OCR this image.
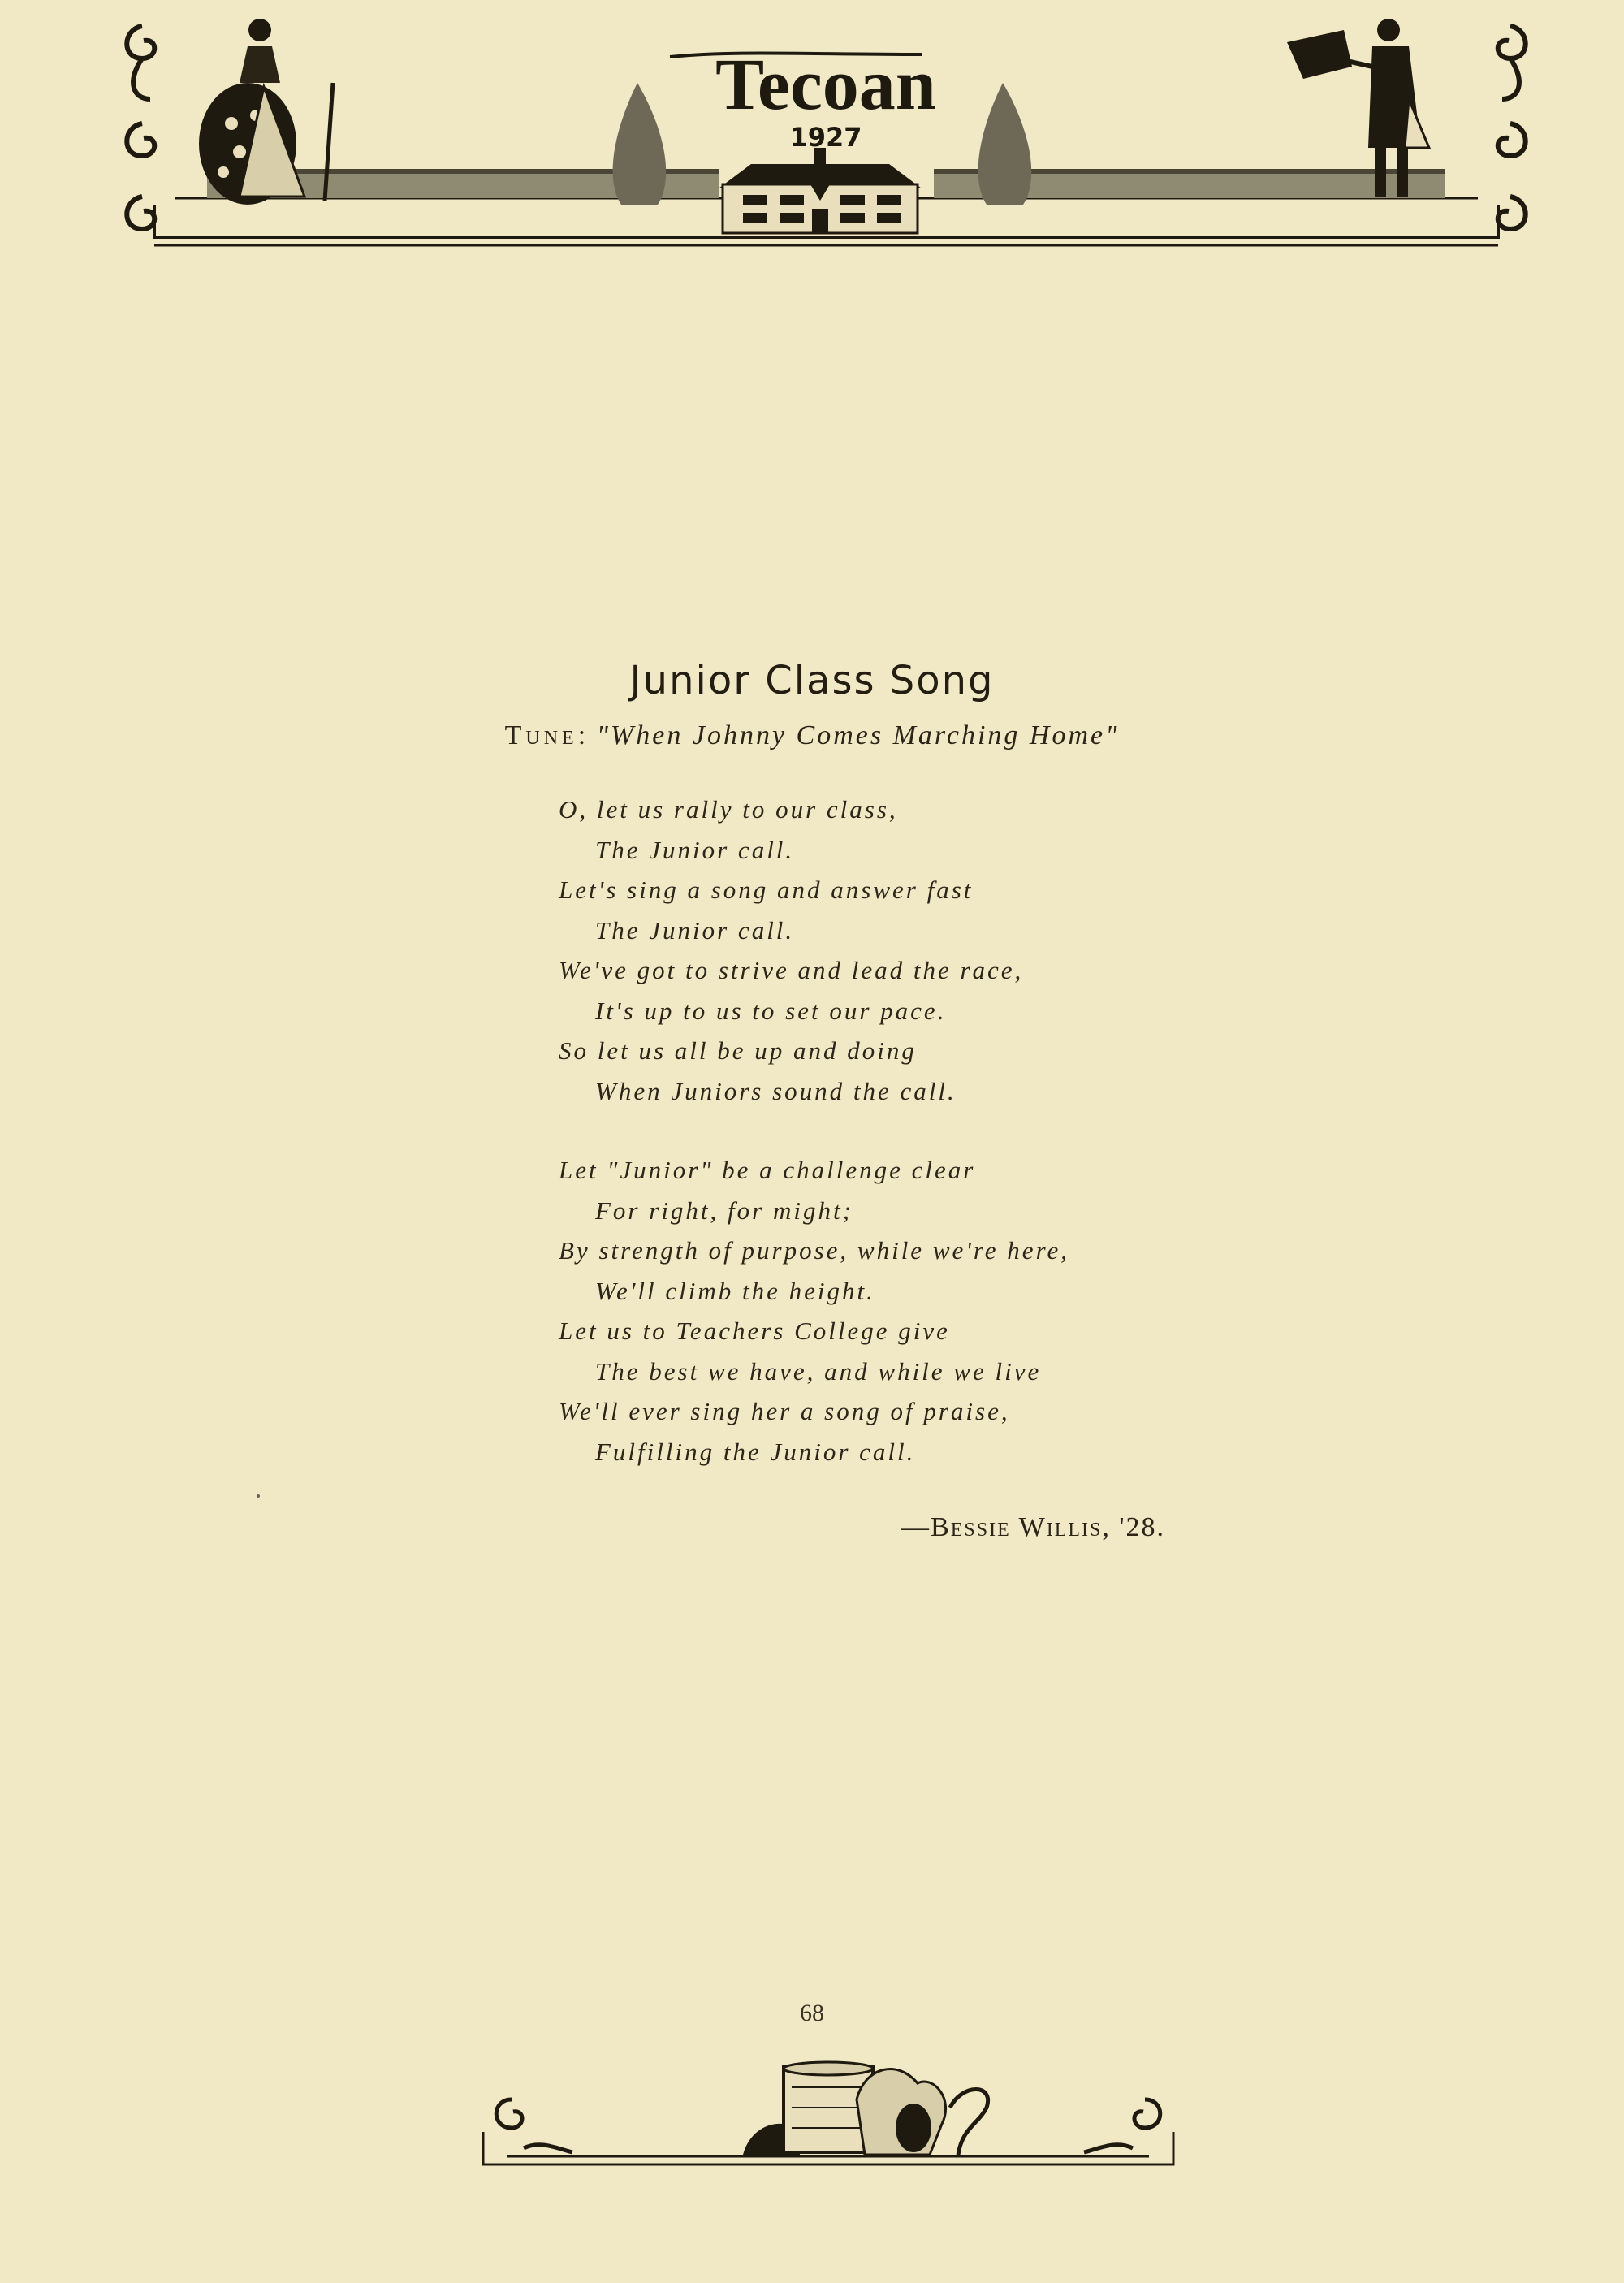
Tecoan
1927
Junior Class Song
Tune: "When Johnny Comes Marching Home"
O, let us rally to our class,
The Junior call.
Let's sing a song and answer fast
The Junior call.
We've got to strive and lead the race,
It's up to us to set our pace.
So let us all be up and doing
When Juniors sound the call.
Let "Junior" be a challenge clear
For right, for might;
By strength of purpose, while we're here,
We'll climb the height.
Let us to Teachers College give
The best we have, and while we live
We'll ever sing her a song of praise,
Fulfilling the Junior call.
—Bessie Willis, '28.
68
